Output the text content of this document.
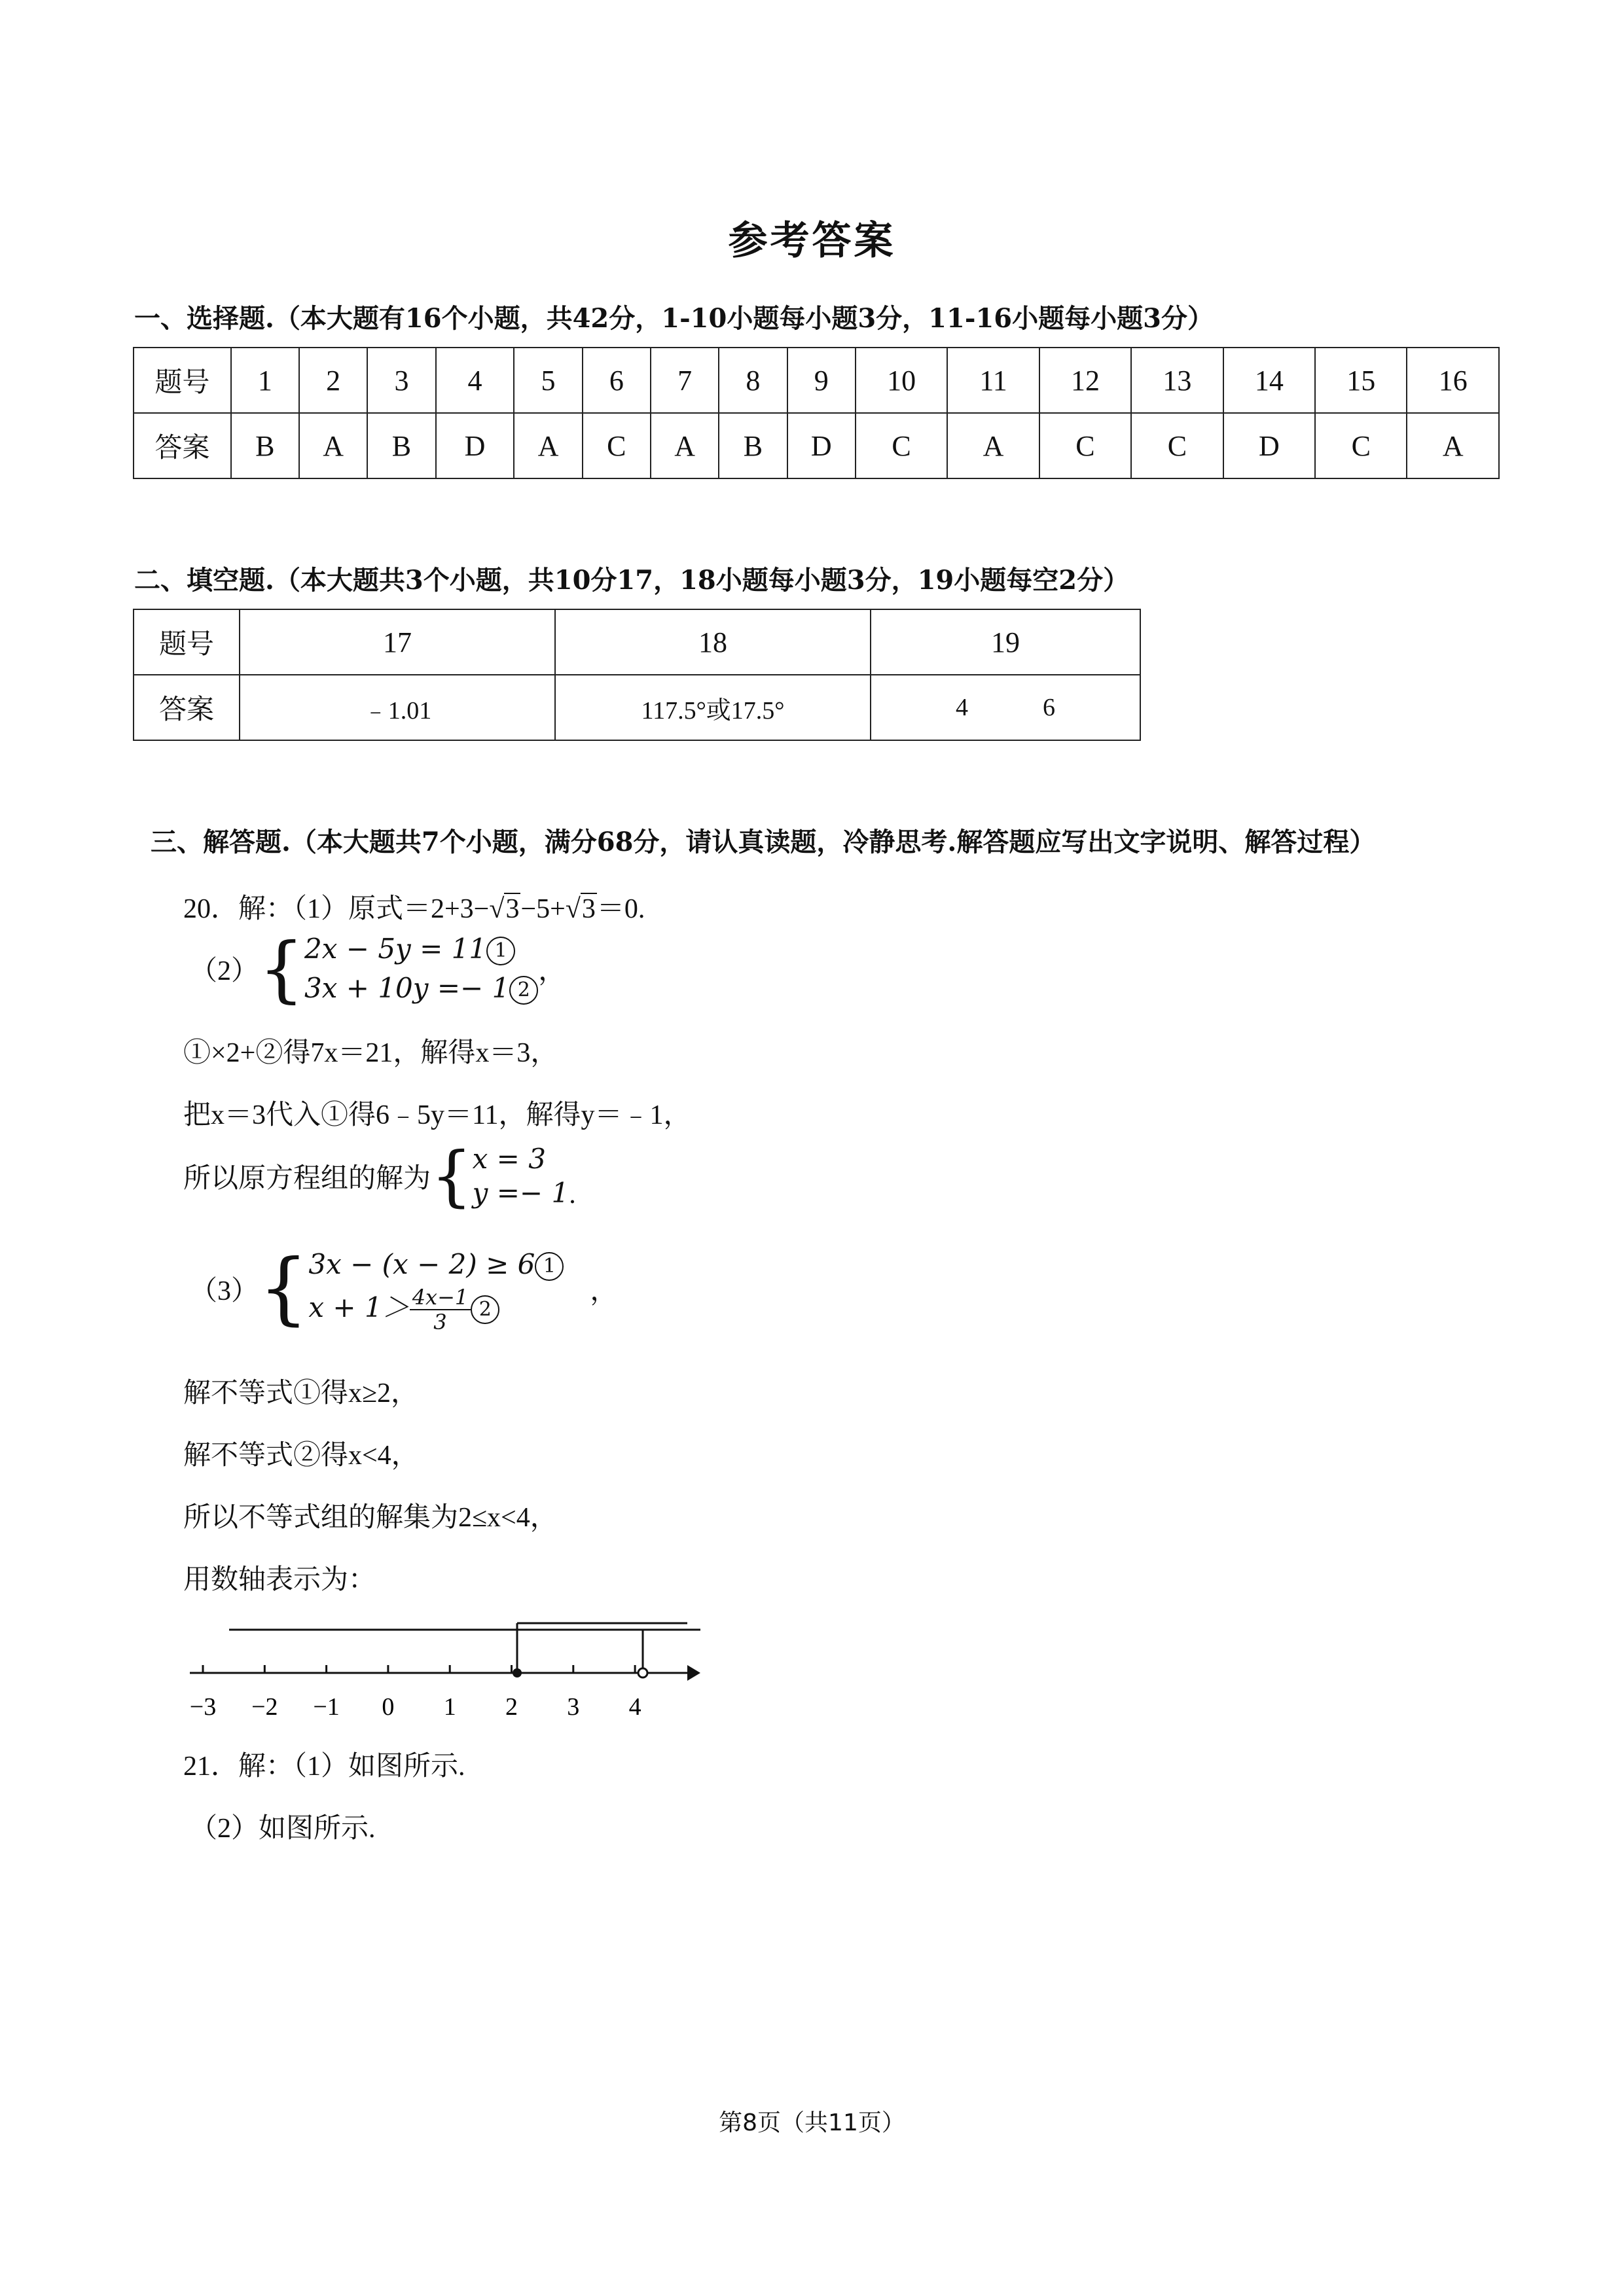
参考答案
一、选择题.（本大题有16个小题，共42分，1-10小题每小题3分，11-16小题每小题3分）
题号	1	2	3	4	5	6	7	8	9	10	11	12	13	14	15	16
答案	B	A	B	D	A	C	A	B	D	C	A	C	C	D	C	A
二、填空题.（本大题共3个小题，共10分17，18小题每小题3分，19小题每空2分）
题号	17	18	19
答案	﹣1.01	117.5°或17.5°	4            6
三、解答题.（本大题共7个小题，满分68分，请认真读题，冷静思考.解答题应写出文字说明、解答过程）
20．解：（1）原式＝2+3−√3−5+√3＝0.
（2）{2x − 5y = 11 1
3x + 10y =− 1 2，
①×2+②得7x＝21，解得x＝3，
把x＝3代入①得6﹣5y＝11，解得y＝﹣1，
所以原方程组的解为{x = 3
y =− 1.
（3）{3x − (x − 2) ≥ 6 1
$x + 1> \frac{4x-1}{3} 2$，
解不等式①得x≥2，
解不等式②得x<4，
所以不等式组的解集为2≤x<4，
用数轴表示为：
−3 −2 −1 0 1 2 3 4
21．解：（1）如图所示.
（2）如图所示.
第8页（共11页）
